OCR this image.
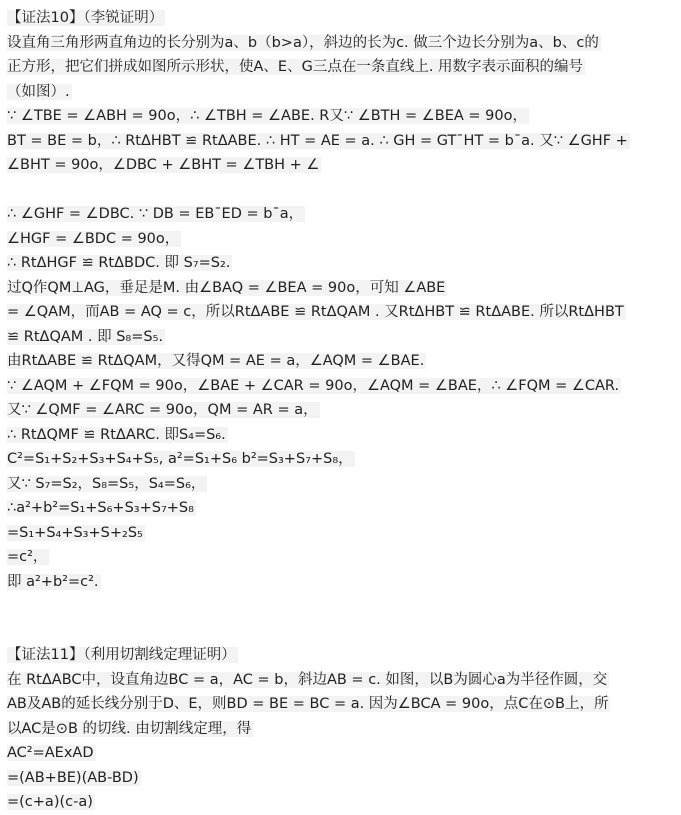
【证法10】（李锐证明）
设直角三角形两直角边的长分别为a、b（b>a），斜边的长为c. 做三个边长分别为a、b、c的
正方形，把它们拼成如图所示形状，使A、E、G三点在一条直线上. 用数字表示面积的编号
（如图）.
∵ ∠TBE = ∠ABH = 90o，∴ ∠TBH = ∠ABE. R又∵ ∠BTH = ∠BEA = 90o，
BT = BE = b，∴ RtΔHBT ≌ RtΔABE. ∴ HT = AE = a. ∴ GH = GT¯HT = b¯a. 又∵ ∠GHF +
∠BHT = 90o，∠DBC + ∠BHT = ∠TBH + ∠
∴ ∠GHF = ∠DBC. ∵ DB = EB¯ED = b¯a，
∠HGF = ∠BDC = 90o，
∴ RtΔHGF ≌ RtΔBDC. 即 S₇=S₂.
过Q作QM⊥AG，垂足是M. 由∠BAQ = ∠BEA = 90o，可知 ∠ABE
= ∠QAM，而AB = AQ = c，所以RtΔABE ≌ RtΔQAM . 又RtΔHBT ≌ RtΔABE. 所以RtΔHBT
≌ RtΔQAM . 即 S₈=S₅.
由RtΔABE ≌ RtΔQAM，又得QM = AE = a，∠AQM = ∠BAE.
∵ ∠AQM + ∠FQM = 90o，∠BAE + ∠CAR = 90o，∠AQM = ∠BAE，∴ ∠FQM = ∠CAR.
又∵ ∠QMF = ∠ARC = 90o，QM = AR = a，
∴ RtΔQMF ≌ RtΔARC. 即S₄=S₆.
C²=S₁+S₂+S₃+S₄+S₅, a²=S₁+S₆ b²=S₃+S₇+S₈，
又∵ S₇=S₂，S₈=S₅，S₄=S₆，
∴a²+b²=S₁+S₆+S₃+S₇+S₈
=S₁+S₄+S₃+S+₂S₅
=c²，
即 a²+b²=c².
【证法11】（利用切割线定理证明）
在 RtΔABC中，设直角边BC = a，AC = b，斜边AB = c. 如图，以B为圆心a为半径作圆，交
AB及AB的延长线分别于D、E，则BD = BE = BC = a. 因为∠BCA = 90o，点C在⊙B上，所
以AC是⊙B 的切线. 由切割线定理，得
AC²=AExAD
=(AB+BE)(AB-BD)
=(c+a)(c-a)
